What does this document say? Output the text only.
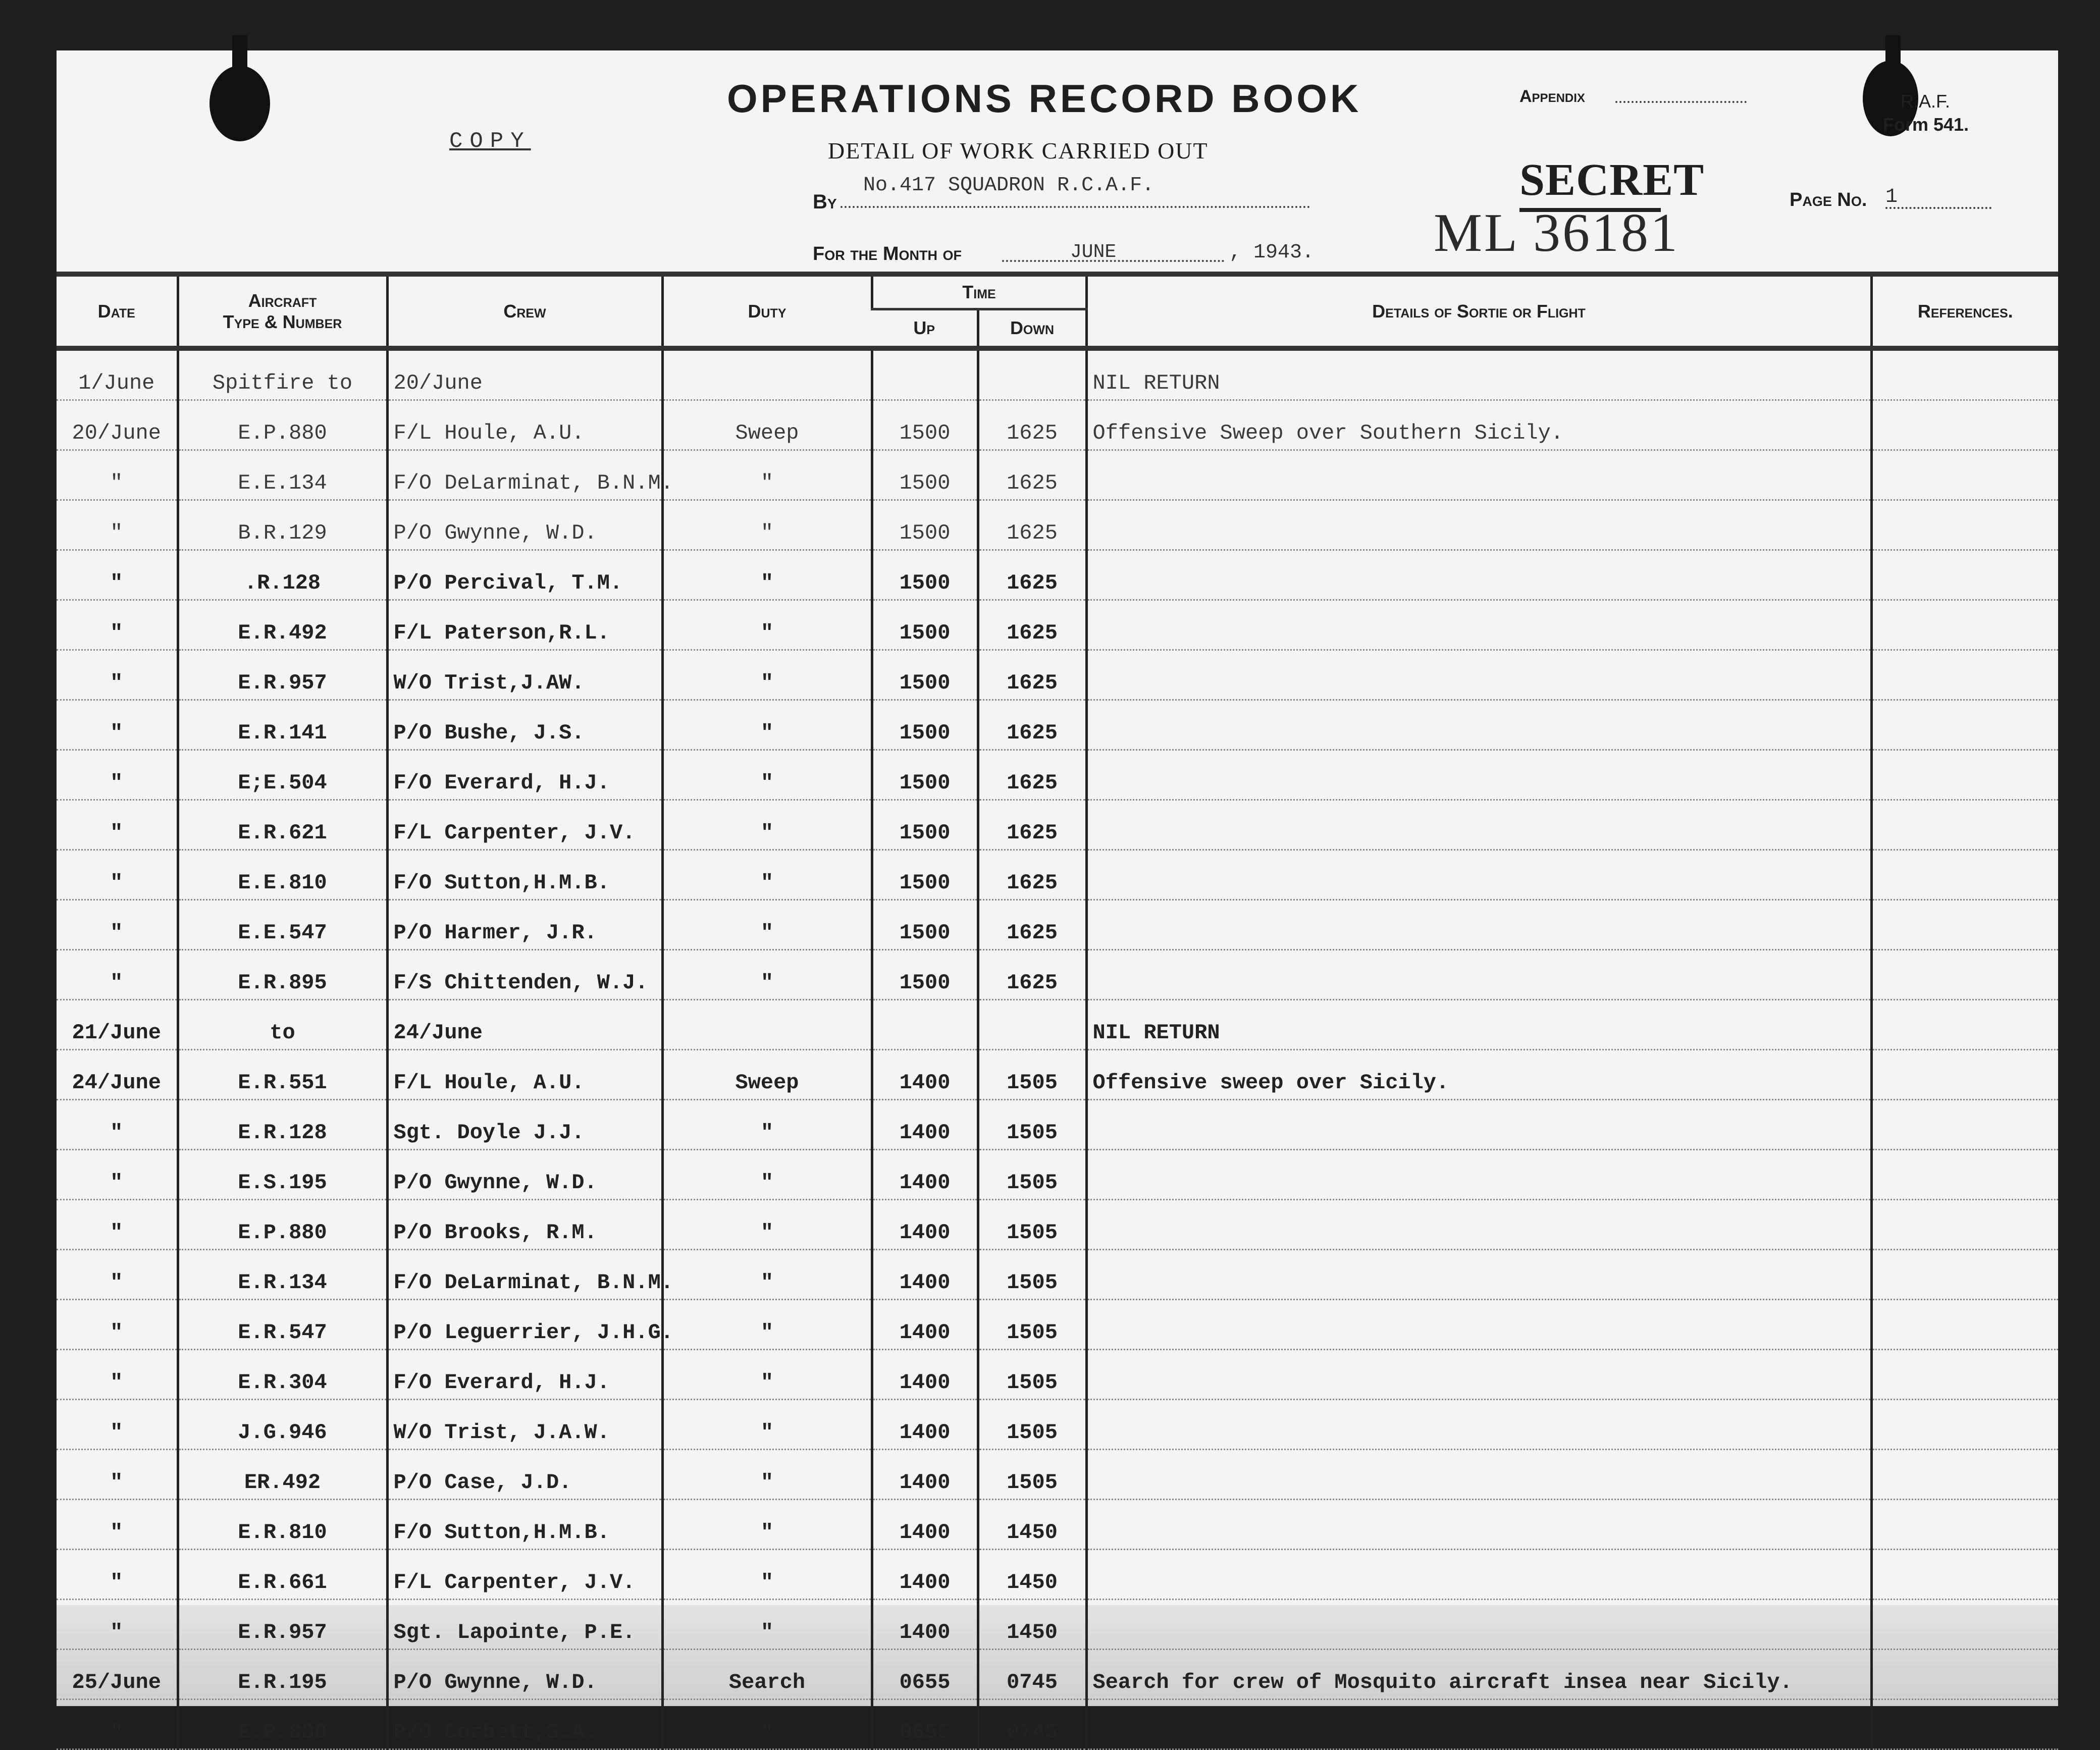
OPERATIONS RECORD BOOK
DETAIL OF WORK CARRIED OUT
COPY
No.417 SQUADRON R.C.A.F.
By
For the Month of	JUNE	, 1943.
Appendix	R.A.F.
Form 541.
SECRET
ML 36181
Page No. 1
Date	Aircraft
Type & Number	Crew	Duty	Time		Details of Sortie or Flight	References.
				Up	Down		
1/June	Spitfire to	20/June				NIL RETURN	
20/June	E.P.880	F/L Houle, A.U.	Sweep	1500	1625	Offensive Sweep over Southern Sicily.	
"	E.E.134	F/O DeLarminat, B.N.M.	"	1500	1625		
"	B.R.129	P/O Gwynne, W.D.	"	1500	1625		
"	.R.128	P/O Percival, T.M.	"	1500	1625		
"	E.R.492	F/L Paterson,R.L.	"	1500	1625		
"	E.R.957	W/O Trist,J.AW.	"	1500	1625		
"	E.R.141	P/O Bushe, J.S.	"	1500	1625		
"	E;E.504	F/O Everard, H.J.	"	1500	1625		
"	E.R.621	F/L Carpenter, J.V.	"	1500	1625		
"	E.E.810	F/O Sutton,H.M.B.	"	1500	1625		
"	E.E.547	P/O Harmer, J.R.	"	1500	1625		
"	E.R.895	F/S Chittenden, W.J.	"	1500	1625		
21/June	to	24/June				NIL RETURN	
24/June	E.R.551	F/L Houle, A.U.	Sweep	1400	1505	Offensive sweep over Sicily.	
"	E.R.128	Sgt. Doyle J.J.	"	1400	1505		
"	E.S.195	P/O Gwynne, W.D.	"	1400	1505		
"	E.P.880	P/O Brooks, R.M.	"	1400	1505		
"	E.R.134	F/O DeLarminat, B.N.M.	"	1400	1505		
"	E.R.547	P/O Leguerrier, J.H.G.	"	1400	1505		
"	E.R.304	F/O Everard, H.J.	"	1400	1505		
"	J.G.946	W/O Trist, J.A.W.	"	1400	1505		
"	ER.492	P/O Case, J.D.	"	1400	1505		
"	E.R.810	F/O Sutton,H.M.B.	"	1400	1450		
"	E.R.661	F/L Carpenter, J.V.	"	1400	1450		
"	E.R.957	Sgt. Lapointe, P.E.	"	1400	1450		
25/June	E.R.195	P/O Gwynne, W.D.	Search	0655	0745	Search for crew of Mosquito aircraft insea near Sicily.	
"	E.P.880	P/O Corbett,S.A.	"	0655	0745		
